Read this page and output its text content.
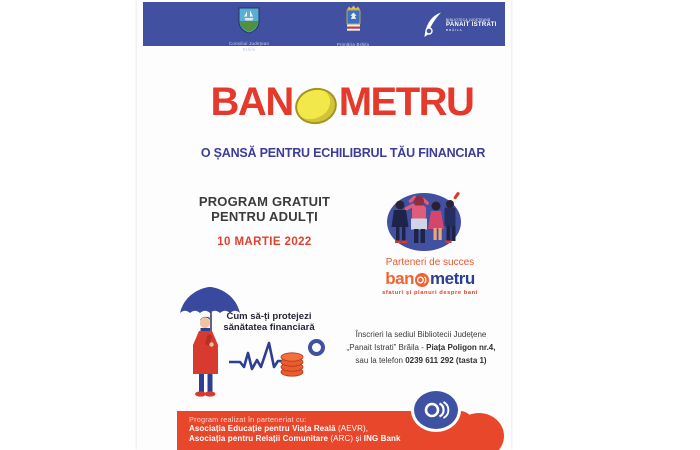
Consiliul Județean
Brăila
Primăria Brăila
BIBLIOTECA JUDEȚEANĂ
PANAIT ISTRATI
BRĂILA
BAN METRU
O ȘANSĂ PENTRU ECHILIBRUL TĂU FINANCIAR
PROGRAM GRATUIT
PENTRU ADULȚI
10 MARTIE 2022
Parteneri de succes
ban metru
sfaturi și planuri despre bani
Cum să-ți protejezi
sănătatea financiară
Înscrieri la sediul Bibliotecii Județene
„Panait Istrati” Brăila - Piața Poligon nr.4,
sau la telefon 0239 611 292 (tasta 1)
Program realizat în parteneriat cu:
Asociația Educație pentru Viața Reală (AEVR),
Asociația pentru Relații Comunitare (ARC) și ING Bank
